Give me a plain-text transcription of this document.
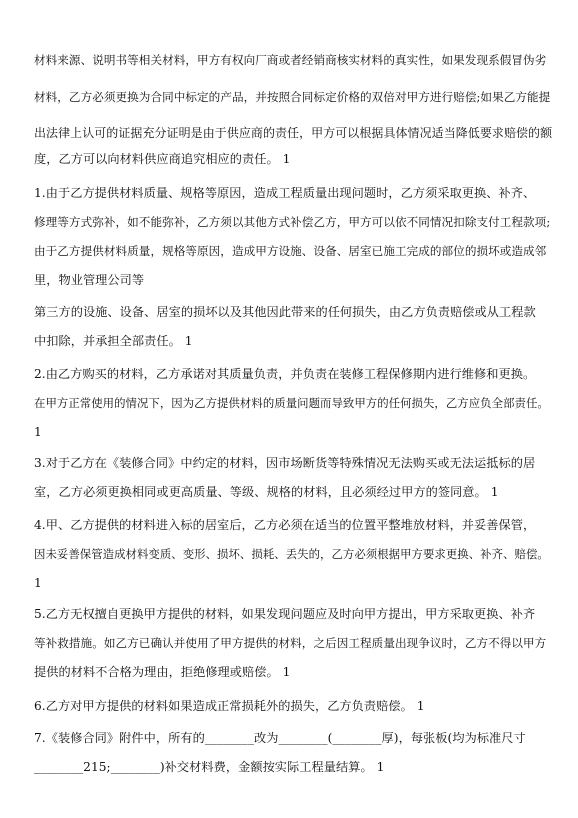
材料来源、说明书等相关材料，甲方有权向厂商或者经销商核实材料的真实性，如果发现系假冒伪劣
材料，乙方必须更换为合同中标定的产品，并按照合同标定价格的双倍对甲方进行赔偿;如果乙方能提
出法律上认可的证据充分证明是由于供应商的责任，甲方可以根据具体情况适当降低要求赔偿的额
度，乙方可以向材料供应商追究相应的责任。 1
1.由于乙方提供材料质量、规格等原因，造成工程质量出现问题时，乙方须采取更换、补齐、
修理等方式弥补，如不能弥补，乙方须以其他方式补偿乙方，甲方可以依不同情况扣除支付工程款项;
由于乙方提供材料质量，规格等原因，造成甲方设施、设备、居室已施工完成的部位的损坏或造成邻
里，物业管理公司等
第三方的设施、设备、居室的损坏以及其他因此带来的任何损失，由乙方负责赔偿或从工程款
中扣除，并承担全部责任。 1
2.由乙方购买的材料，乙方承诺对其质量负责，并负责在装修工程保修期内进行维修和更换。
在甲方正常使用的情况下，因为乙方提供材料的质量问题而导致甲方的任何损失，乙方应负全部责任。
1
3.对于乙方在《装修合同》中约定的材料，因市场断货等特殊情况无法购买或无法运抵标的居
室，乙方必须更换相同或更高质量、等级、规格的材料，且必须经过甲方的签同意。 1
4.甲、乙方提供的材料进入标的居室后，乙方必须在适当的位置平整堆放材料，并妥善保管，
因未妥善保管造成材料变质、变形、损坏、损耗、丢失的，乙方必须根据甲方要求更换、补齐、赔偿。
1
5.乙方无权擅自更换甲方提供的材料，如果发现问题应及时向甲方提出，甲方采取更换、补齐
等补救措施。如乙方已确认并使用了甲方提供的材料，之后因工程质量出现争议时，乙方不得以甲方
提供的材料不合格为理由，拒绝修理或赔偿。 1
6.乙方对甲方提供的材料如果造成正常损耗外的损失，乙方负责赔偿。 1
7.《装修合同》附件中，所有的________改为________(________厚)，每张板(均为标准尺寸
________215;________)补交材料费，金额按实际工程量结算。 1
